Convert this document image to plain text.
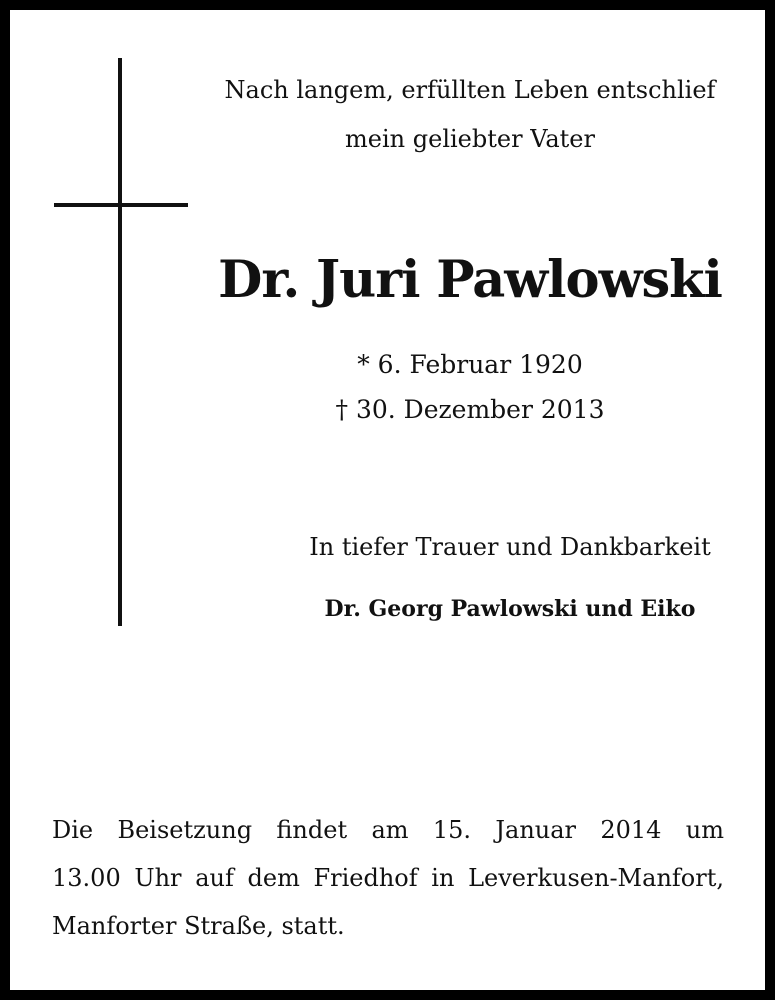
Nach langem, erfüllten Leben entschlief
mein geliebter Vater
Dr. Juri Pawlowski
* 6. Februar 1920
† 30. Dezember 2013
In tiefer Trauer und Dankbarkeit
Dr. Georg Pawlowski und Eiko
Die Beisetzung findet am 15. Januar 2014 um
13.00 Uhr auf dem Friedhof in Leverkusen-Manfort,
Manforter Straße, statt.
